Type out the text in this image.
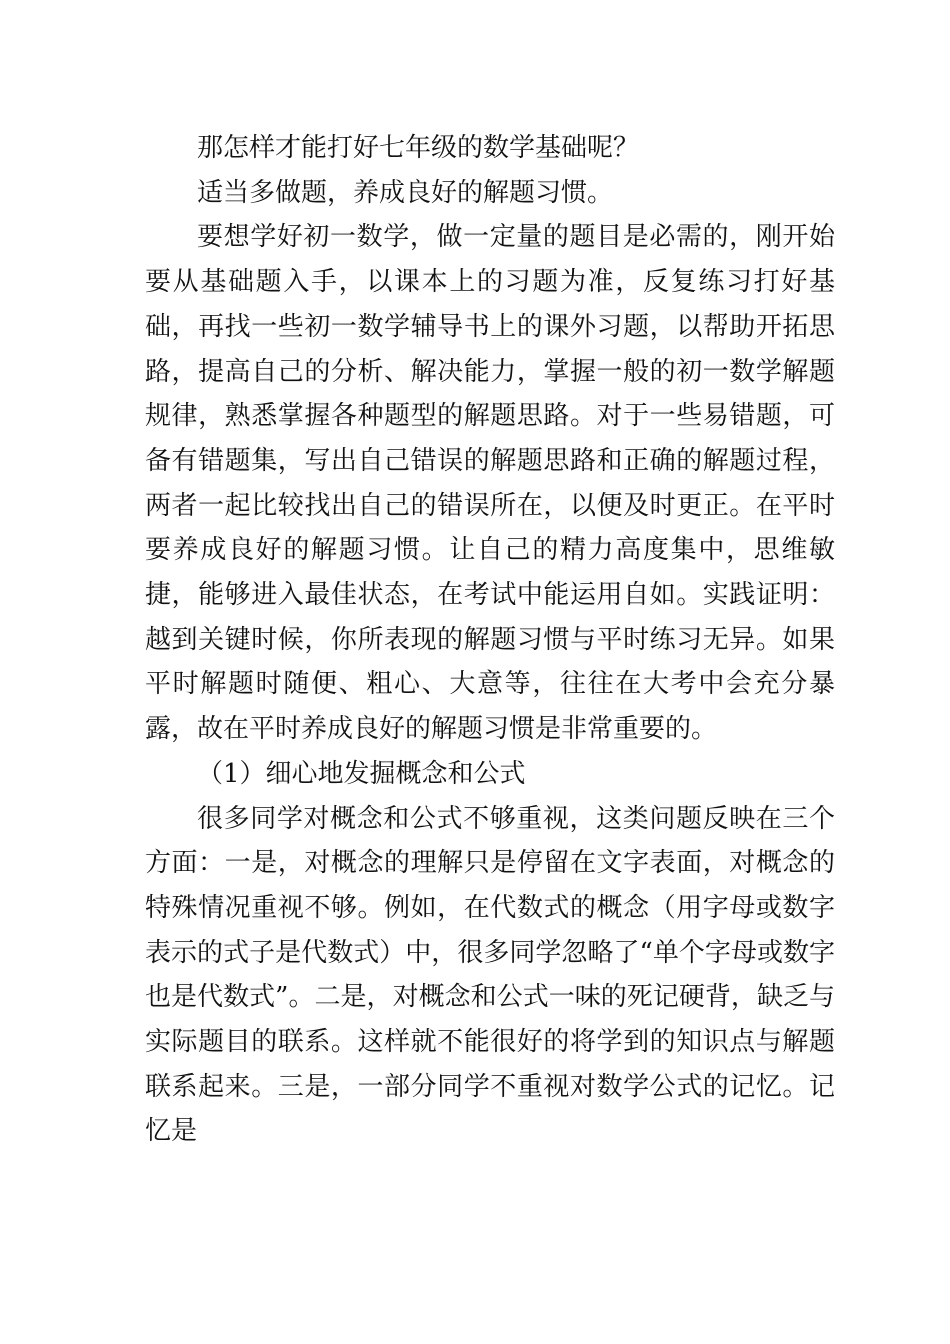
那怎样才能打好七年级的数学基础呢？

适当多做题，养成良好的解题习惯。

要想学好初一数学，做一定量的题目是必需的，刚开始要从基础题入手，以课本上的习题为准，反复练习打好基础，再找一些初一数学辅导书上的课外习题，以帮助开拓思路，提高自己的分析、解决能力，掌握一般的初一数学解题规律，熟悉掌握各种题型的解题思路。对于一些易错题，可备有错题集，写出自己错误的解题思路和正确的解题过程，两者一起比较找出自己的错误所在，以便及时更正。在平时要养成良好的解题习惯。让自己的精力高度集中，思维敏捷，能够进入最佳状态，在考试中能运用自如。实践证明：越到关键时候，你所表现的解题习惯与平时练习无异。如果平时解题时随便、粗心、大意等，往往在大考中会充分暴露，故在平时养成良好的解题习惯是非常重要的。

（1）细心地发掘概念和公式

很多同学对概念和公式不够重视，这类问题反映在三个方面：一是，对概念的理解只是停留在文字表面，对概念的特殊情况重视不够。例如，在代数式的概念（用字母或数字表示的式子是代数式）中，很多同学忽略了“单个字母或数字也是代数式”。二是，对概念和公式一味的死记硬背，缺乏与实际题目的联系。这样就不能很好的将学到的知识点与解题联系起来。三是，一部分同学不重视对数学公式的记忆。记忆是
